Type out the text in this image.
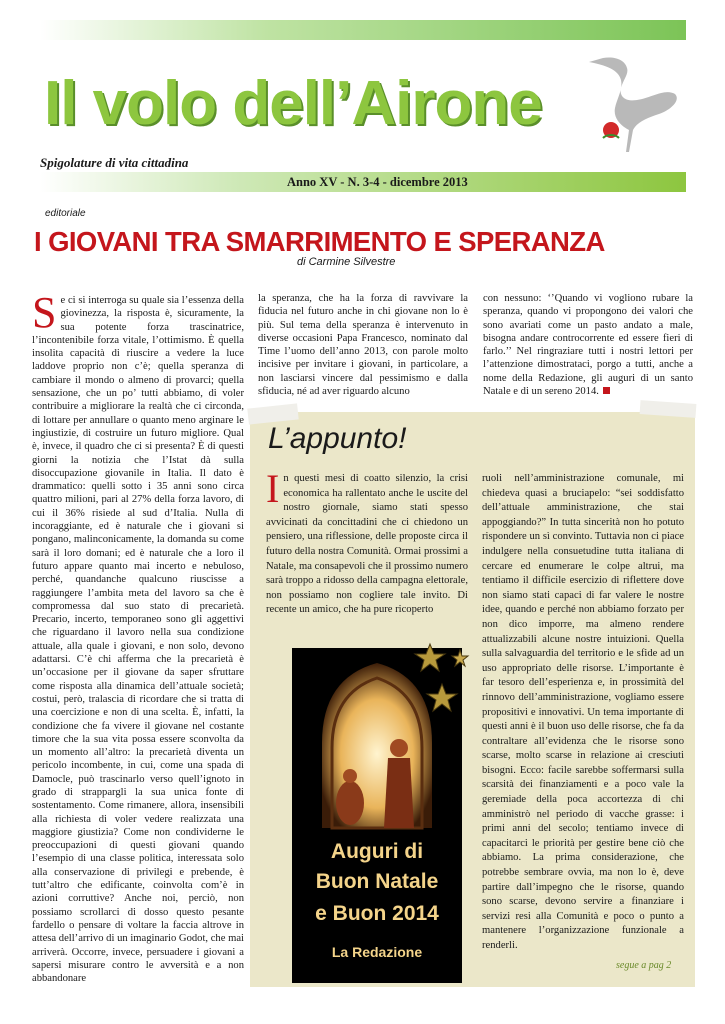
Il volo dell’Airone
Spigolature di vita cittadina
Anno XV - N. 3-4 - dicembre 2013
editoriale
I GIOVANI TRA SMARRIMENTO E SPERANZA
di Carmine Silvestre
Se ci si interroga su quale sia l’essenza della giovinezza, la risposta è, sicuramente, la sua potente forza trascinatrice, l’incontenibile forza vitale, l’ottimismo. È quella insolita capacità di riuscire a vedere la luce laddove proprio non c’è; quella speranza di cambiare il mondo o almeno di provarci; quella sensazione, che un po’ tutti abbiamo, di voler contribuire a migliorare la realtà che ci circonda, di lottare per annullare o quanto meno arginare le ingiustizie, di costruire un futuro migliore. Qual è, invece, il quadro che ci si presenta? È di questi giorni la notizia che l’Istat dà sulla disoccupazione giovanile in Italia. Il dato è drammatico: quelli sotto i 35 anni sono circa quattro milioni, pari al 27% della forza lavoro, di cui il 36% risiede al sud d’Italia. Nulla di incoraggiante, ed è naturale che i giovani si pongano, malinconicamente, la domanda su come sarà il loro domani; ed è naturale che a loro il futuro appare quanto mai incerto e nebuloso, perché, quandanche qualcuno riuscisse a raggiungere l’ambita meta del lavoro sa che è compromessa dal suo stato di precarietà. Precario, incerto, temporaneo sono gli aggettivi che riguardano il lavoro nella sua condizione attuale, alla quale i giovani, e non solo, devono adattarsi. C’è chi afferma che la precarietà è un’occasione per il giovane da saper sfruttare come risposta alla dinamica dell’attuale società; costui, però, tralascia di ricordare che si tratta di una coercizione e non di una scelta. È, infatti, la condizione che fa vivere il giovane nel costante timore che la sua vita possa essere sconvolta da un momento all’altro: la precarietà diventa un pericolo incombente, in cui, come una spada di Damocle, può trascinarlo verso quell’ignoto in grado di strappargli la sua unica fonte di sostentamento. Come rimanere, allora, insensibili alla richiesta di voler vedere realizzata una maggiore giustizia? Come non condividerne le preoccupazioni di questi giovani quando l’esempio di una classe politica, interessata solo alla conservazione di privilegi e prebende, è tutt’altro che edificante, coinvolta com’è in azioni corruttive? Anche noi, perciò, non possiamo scrollarci di dosso questo pesante fardello o pensare di voltare la faccia altrove in attesa dell’arrivo di un imaginario Godot, che mai arriverà. Occorre, invece, persuadere i giovani a sapersi misurare contro le avversità e a non abbandonare
la speranza, che ha la forza di ravvivare la fiducia nel futuro anche in chi giovane non lo è più. Sul tema della speranza è intervenuto in diverse occasioni Papa Francesco, nominato dal Time l’uomo dell’anno 2013, con parole molto incisive per invitare i giovani, in particolare, a non lasciarsi vincere dal pessimismo e dalla sfiducia, né ad aver riguardo alcuno
con nessuno: ‘’Quando vi vogliono rubare la speranza, quando vi propongono dei valori che sono avariati come un pasto andato a male, bisogna andare controcorrente ed essere fieri di farlo.’’ Nel ringraziare tutti i nostri lettori per l’attenzione dimostrataci, porgo a tutti, anche a nome della Redazione, gli auguri di un santo Natale e di un sereno 2014.
L’appunto!
In questi mesi di coatto silenzio, la crisi economica ha rallentato anche le uscite del nostro giornale, siamo stati spesso avvicinati da concittadini che ci chiedono un pensiero, una riflessione, delle proposte circa il futuro della nostra Comunità. Ormai prossimi a Natale, ma consapevoli che il prossimo numero sarà troppo a ridosso della campagna elettorale, non possiamo non cogliere tale invito. Di recente un amico, che ha pure ricoperto
ruoli nell’amministrazione comunale, mi chiedeva quasi a bruciapelo: “sei soddisfatto dell’attuale amministrazione, che stai appoggiando?” In tutta sincerità non ho potuto rispondere un sì convinto. Tuttavia non ci piace indulgere nella consuetudine tutta italiana di cercare ed enumerare le colpe altrui, ma tentiamo il difficile esercizio di riflettere dove non siamo stati capaci di far valere le nostre idee, quando e perché non abbiamo forzato per non dico imporre, ma almeno rendere attualizzabili alcune nostre intuizioni. Quella sulla salvaguardia del territorio e le sfide ad un uso appropriato delle risorse. L’importante è far tesoro dell’esperienza e, in prossimità del rinnovo dell’amministrazione, vogliamo essere propositivi e innovativi. Un tema importante di questi anni è il buon uso delle risorse, che fa da contraltare all’evidenza che le risorse sono scarse, molto scarse in relazione ai cresciuti bisogni. Ecco: facile sarebbe soffermarsi sulla scarsità dei finanziamenti e a poco vale la geremiade della poca accortezza di chi amministrò nel periodo di vacche grasse: i primi anni del secolo; tentiamo invece di capacitarci le priorità per gestire bene ciò che abbiamo. La prima considerazione, che potrebbe sembrare ovvia, ma non lo è, deve partire dall’impegno che le risorse, quando sono scarse, devono servire a finanziare i servizi resi alla Comunità e poco o punto a mantenere l’organizzazione funzionale a renderli.
segue a pag 2
Auguri di
Buon Natale
e Buon 2014
La Redazione
